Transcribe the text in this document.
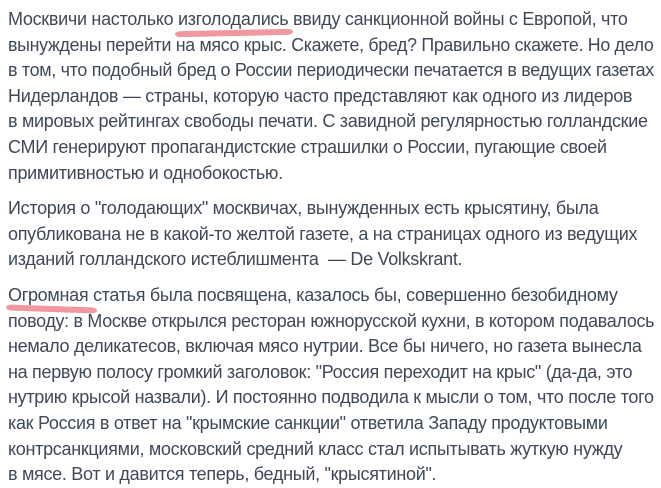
Москвичи настолько изголодались ввиду санкционной войны с Европой, что
вынуждены перейти на мясо крыс. Скажете, бред? Правильно скажете. Но дело
в том, что подобный бред о России периодически печатается в ведущих газетах
Нидерландов — страны, которую часто представляют как одного из лидеров
в мировых рейтингах свободы печати. С завидной регулярностью голландские
СМИ генерируют пропагандистские страшилки о России, пугающие своей
примитивностью и однобокостью.
История о "голодающих" москвичах, вынужденных есть крысятину, была
опубликована не в какой-то желтой газете, а на страницах одного из ведущих
изданий голландского истеблишмента  — De Volkskrant.
Огромная статья была посвящена, казалось бы, совершенно безобидному
поводу: в Москве открылся ресторан южнорусской кухни, в котором подавалось
немало деликатесов, включая мясо нутрии. Все бы ничего, но газета вынесла
на первую полосу громкий заголовок: "Россия переходит на крыс" (да-да, это
нутрию крысой назвали). И постоянно подводила к мысли о том, что после того
как Россия в ответ на "крымские санкции" ответила Западу продуктовыми
контрсанкциями, московский средний класс стал испытывать жуткую нужду
в мясе. Вот и давится теперь, бедный, "крысятиной".
